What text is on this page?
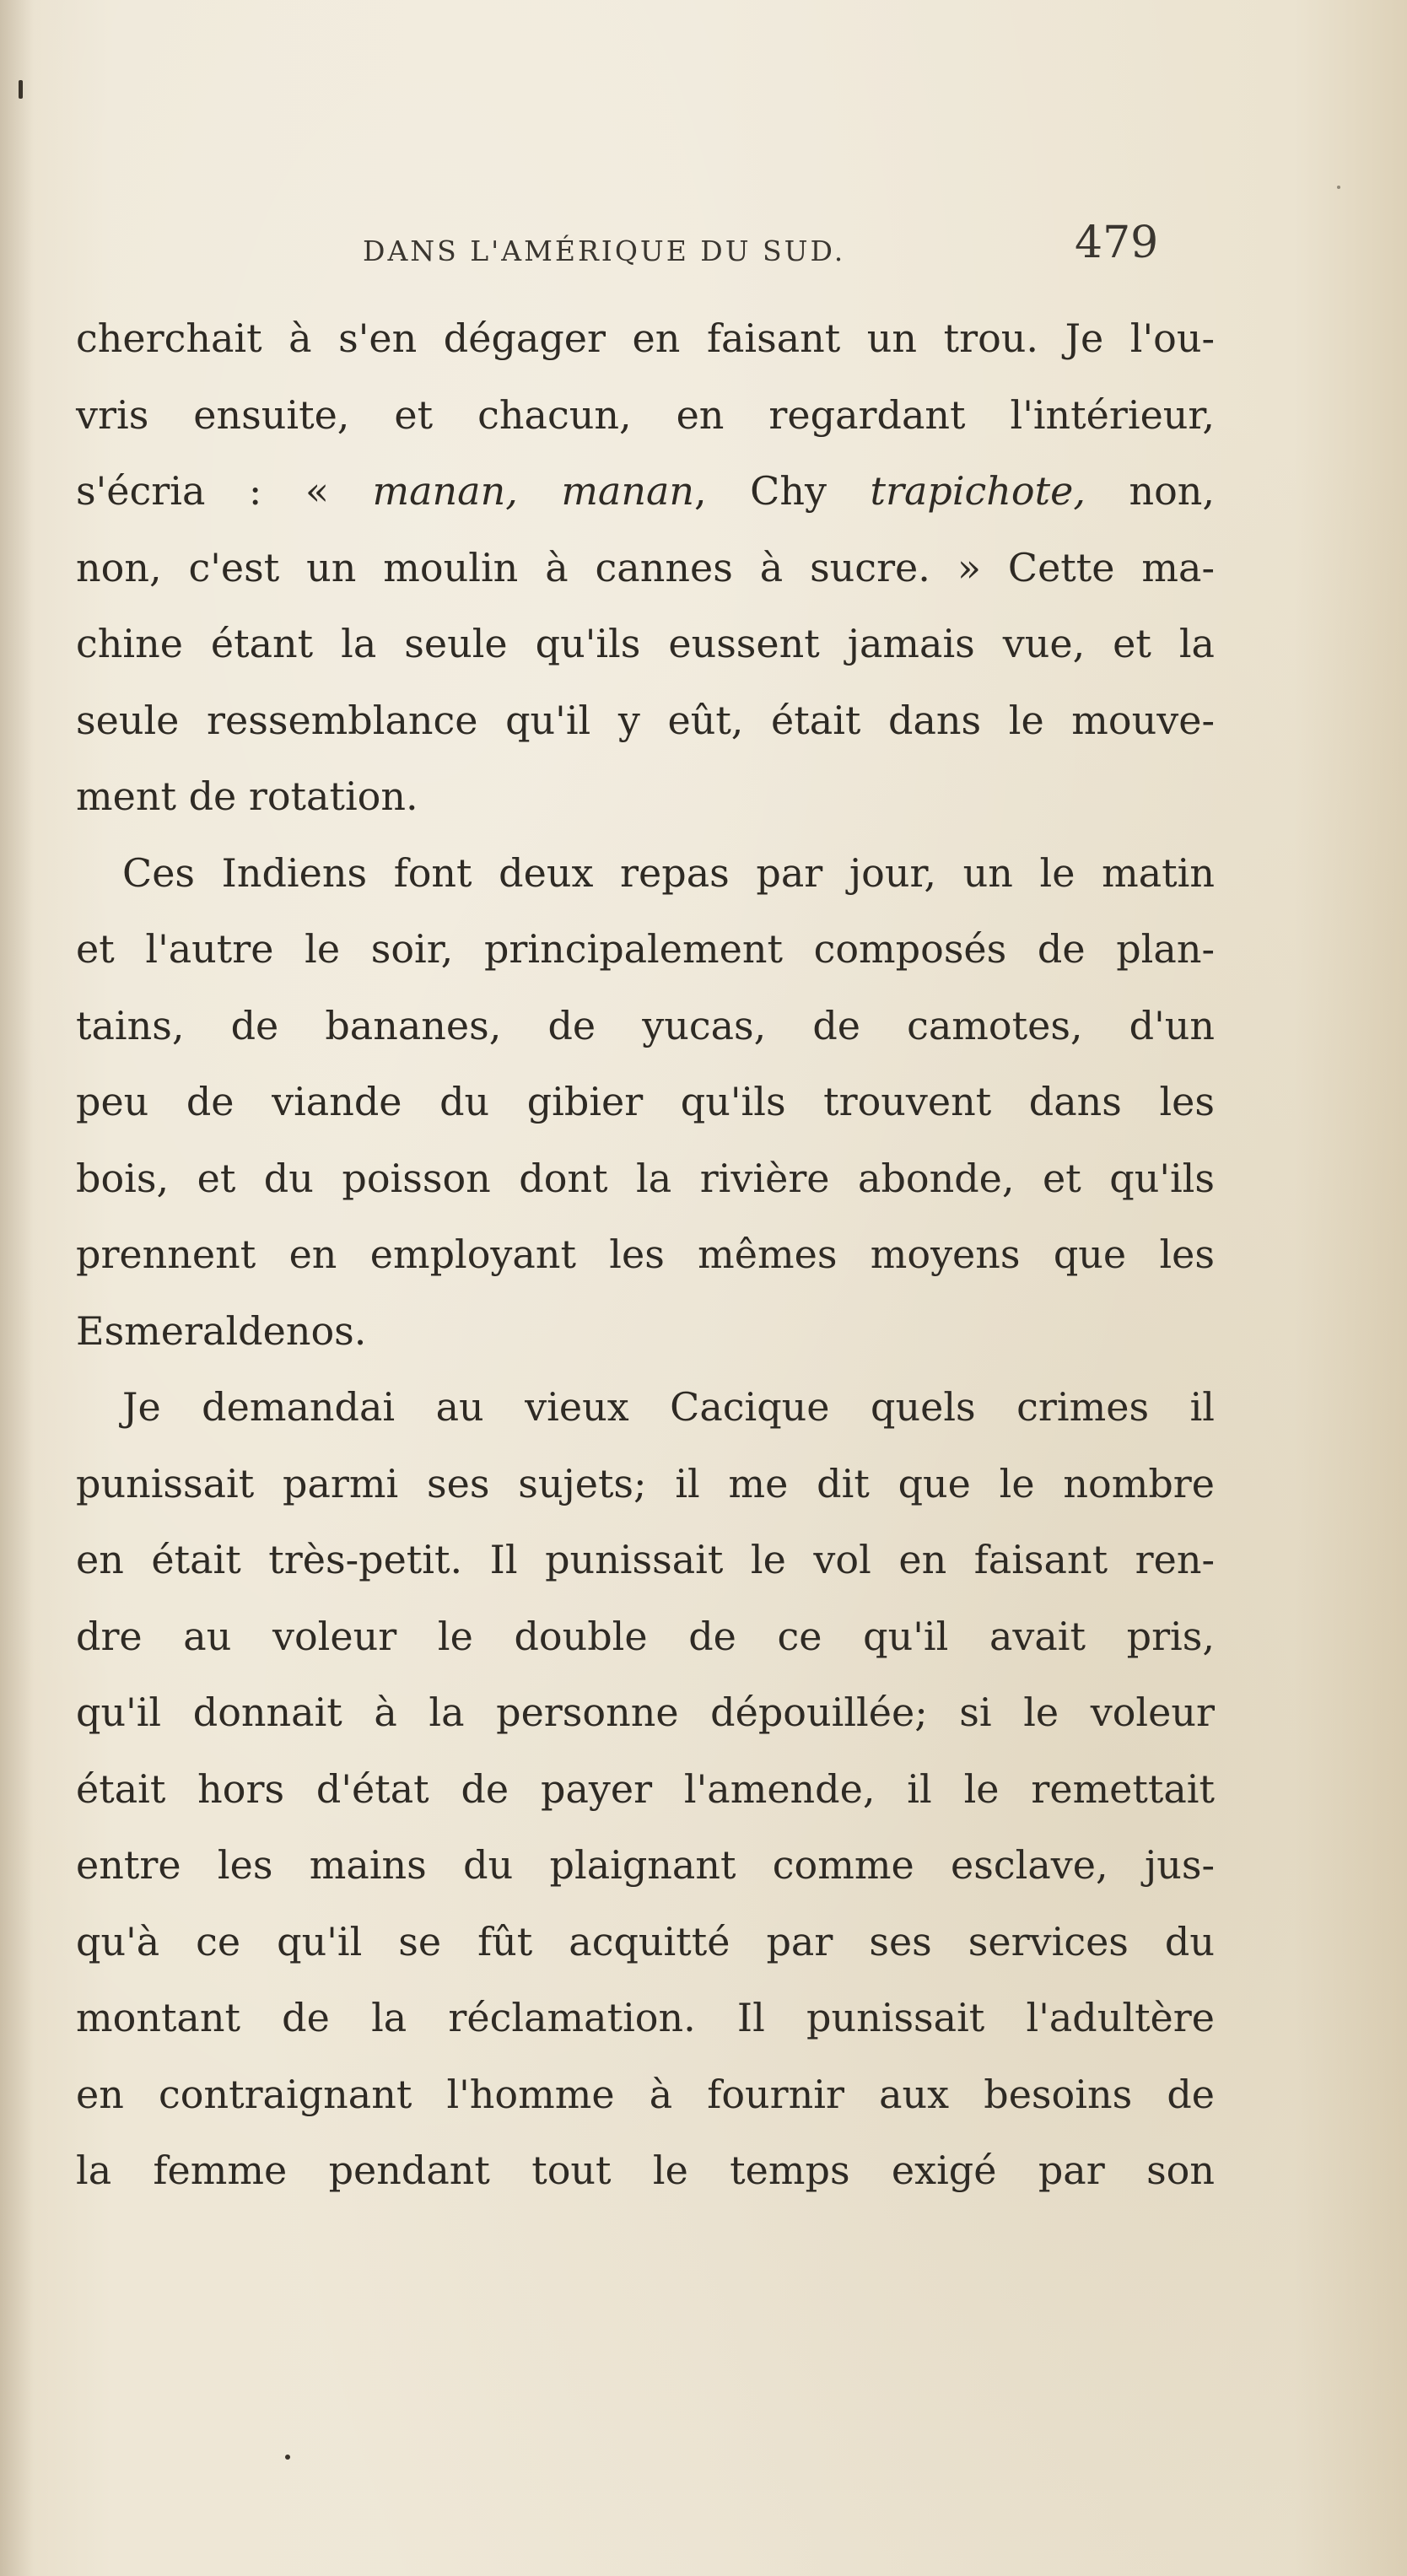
DANS L'AMÉRIQUE DU SUD.	479
cherchait à s'en dégager en faisant un trou. Je l'ou-
vris ensuite, et chacun, en regardant l'intérieur,
s'écria : « manan, manan, Chy trapichote, non,
non, c'est un moulin à cannes à sucre. » Cette ma-
chine étant la seule qu'ils eussent jamais vue, et la
seule ressemblance qu'il y eût, était dans le mouve-
ment de rotation.
Ces Indiens font deux repas par jour, un le matin
et l'autre le soir, principalement composés de plan-
tains, de bananes, de yucas, de camotes, d'un
peu de viande du gibier qu'ils trouvent dans les
bois, et du poisson dont la rivière abonde, et qu'ils
prennent en employant les mêmes moyens que les
Esmeraldenos.
Je demandai au vieux Cacique quels crimes il
punissait parmi ses sujets; il me dit que le nombre
en était très-petit. Il punissait le vol en faisant ren-
dre au voleur le double de ce qu'il avait pris,
qu'il donnait à la personne dépouillée; si le voleur
était hors d'état de payer l'amende, il le remettait
entre les mains du plaignant comme esclave, jus-
qu'à ce qu'il se fût acquitté par ses services du
montant de la réclamation. Il punissait l'adultère
en contraignant l'homme à fournir aux besoins de
la femme pendant tout le temps exigé par son
